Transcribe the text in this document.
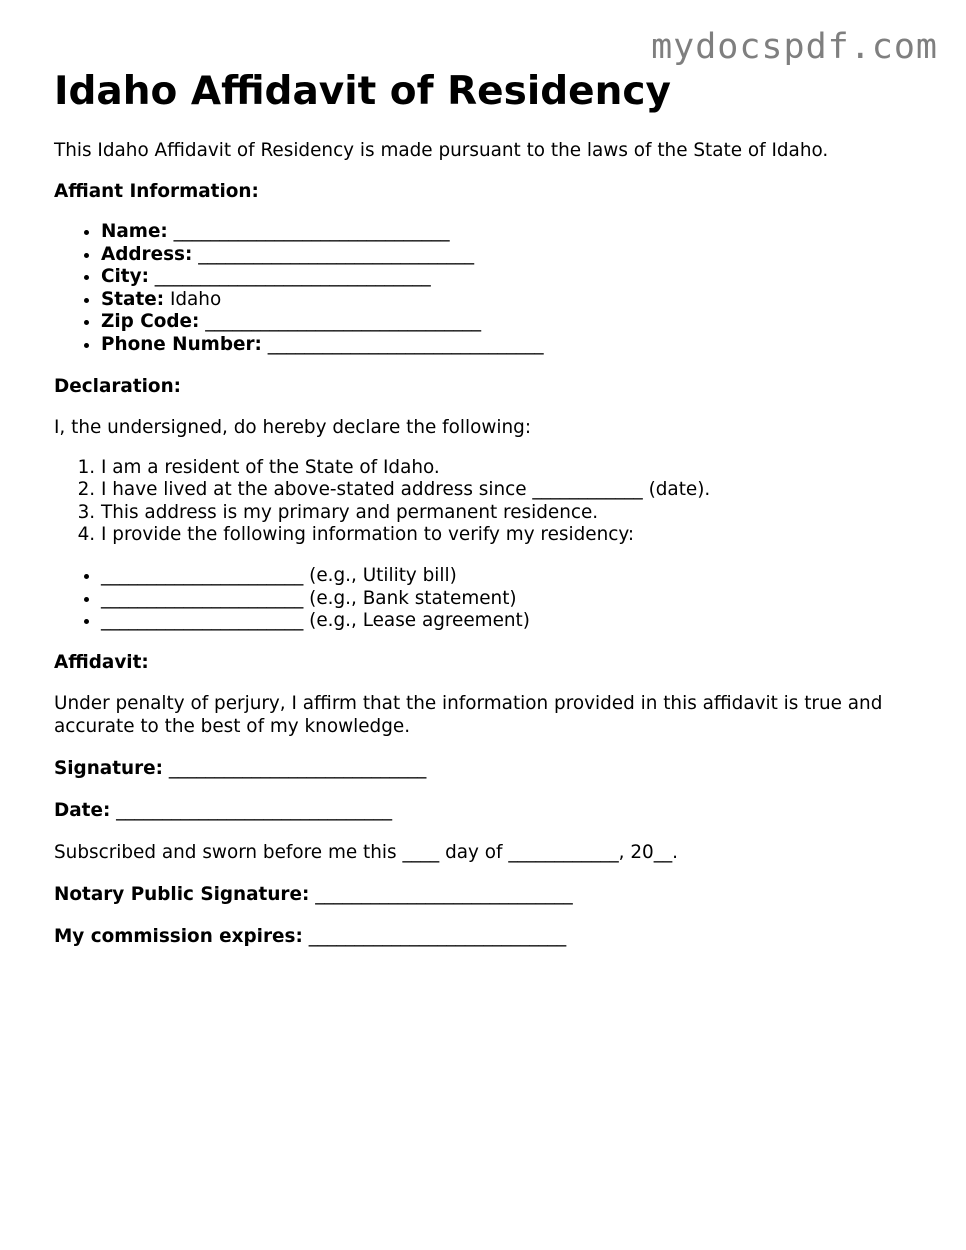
mydocspdf.com
Idaho Affidavit of Residency

This Idaho Affidavit of Residency is made pursuant to the laws of the State of Idaho.

Affiant Information:

• Name: ______________________________
• Address: ______________________________
• City: ______________________________
• State: Idaho
• Zip Code: ______________________________
• Phone Number: ______________________________

Declaration:

I, the undersigned, do hereby declare the following:

1. I am a resident of the State of Idaho.
2. I have lived at the above-stated address since ____________ (date).
3. This address is my primary and permanent residence.
4. I provide the following information to verify my residency:
• ______________________ (e.g., Utility bill)
• ______________________ (e.g., Bank statement)
• ______________________ (e.g., Lease agreement)

Affidavit:

Under penalty of perjury, I affirm that the information provided in this affidavit is true and accurate to the best of my knowledge.

Signature: ____________________________

Date: ______________________________

Subscribed and sworn before me this ____ day of ____________, 20__.

Notary Public Signature: ____________________________

My commission expires: ____________________________
